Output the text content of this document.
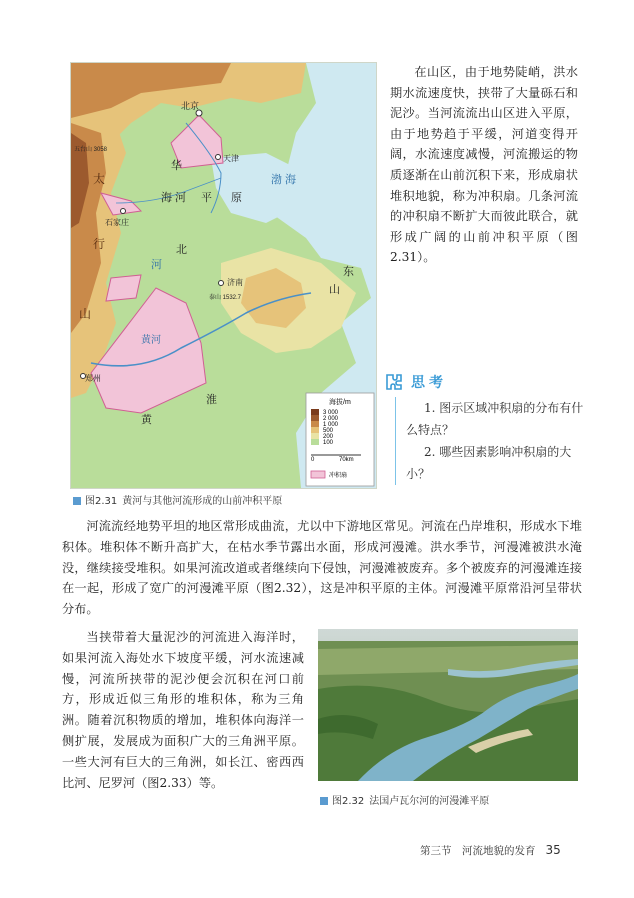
北京
天津
石家庄
济南
郑州
渤 海
海 河
华
北
平 原
太
行
山
山
东
黄
淮
河
黄河
五台山 3058
泰山 1532.7
海拔/m
3 000
2 000
1 000
500
200
100
0	70km
冲积扇
图2.31  黄河与其他河流形成的山前冲积平原
在山区，由于地势陡峭，洪水期水流速度快，挟带了大量砾石和泥沙。当河流流出山区进入平原，由于地势趋于平缓，河道变得开阔，水流速度减慢，河流搬运的物质逐渐在山前沉积下来，形成扇状堆积地貌，称为冲积扇。几条河流的冲积扇不断扩大而彼此联合，就形成广阔的山前冲积平原（图2.31）。
思考

1. 图示区域冲积扇的分布有什么特点？

2. 哪些因素影响冲积扇的大小？

河流流经地势平坦的地区常形成曲流，尤以中下游地区常见。河流在凸岸堆积，形成水下堆积体。堆积体不断升高扩大，在枯水季节露出水面，形成河漫滩。洪水季节，河漫滩被洪水淹没，继续接受堆积。如果河流改道或者继续向下侵蚀，河漫滩被废弃。多个被废弃的河漫滩连接在一起，形成了宽广的河漫滩平原（图2.32），这是冲积平原的主体。河漫滩平原常沿河呈带状分布。
当挟带着大量泥沙的河流进入海洋时，如果河流入海处水下坡度平缓，河水流速减慢，河流所挟带的泥沙便会沉积在河口前方，形成近似三角形的堆积体，称为三角洲。随着沉积物质的增加，堆积体向海洋一侧扩展，发展成为面积广大的三角洲平原。一些大河有巨大的三角洲，如长江、密西西比河、尼罗河（图2.33）等。
图2.32  法国卢瓦尔河的河漫滩平原
第三节　河流地貌的发育 35
